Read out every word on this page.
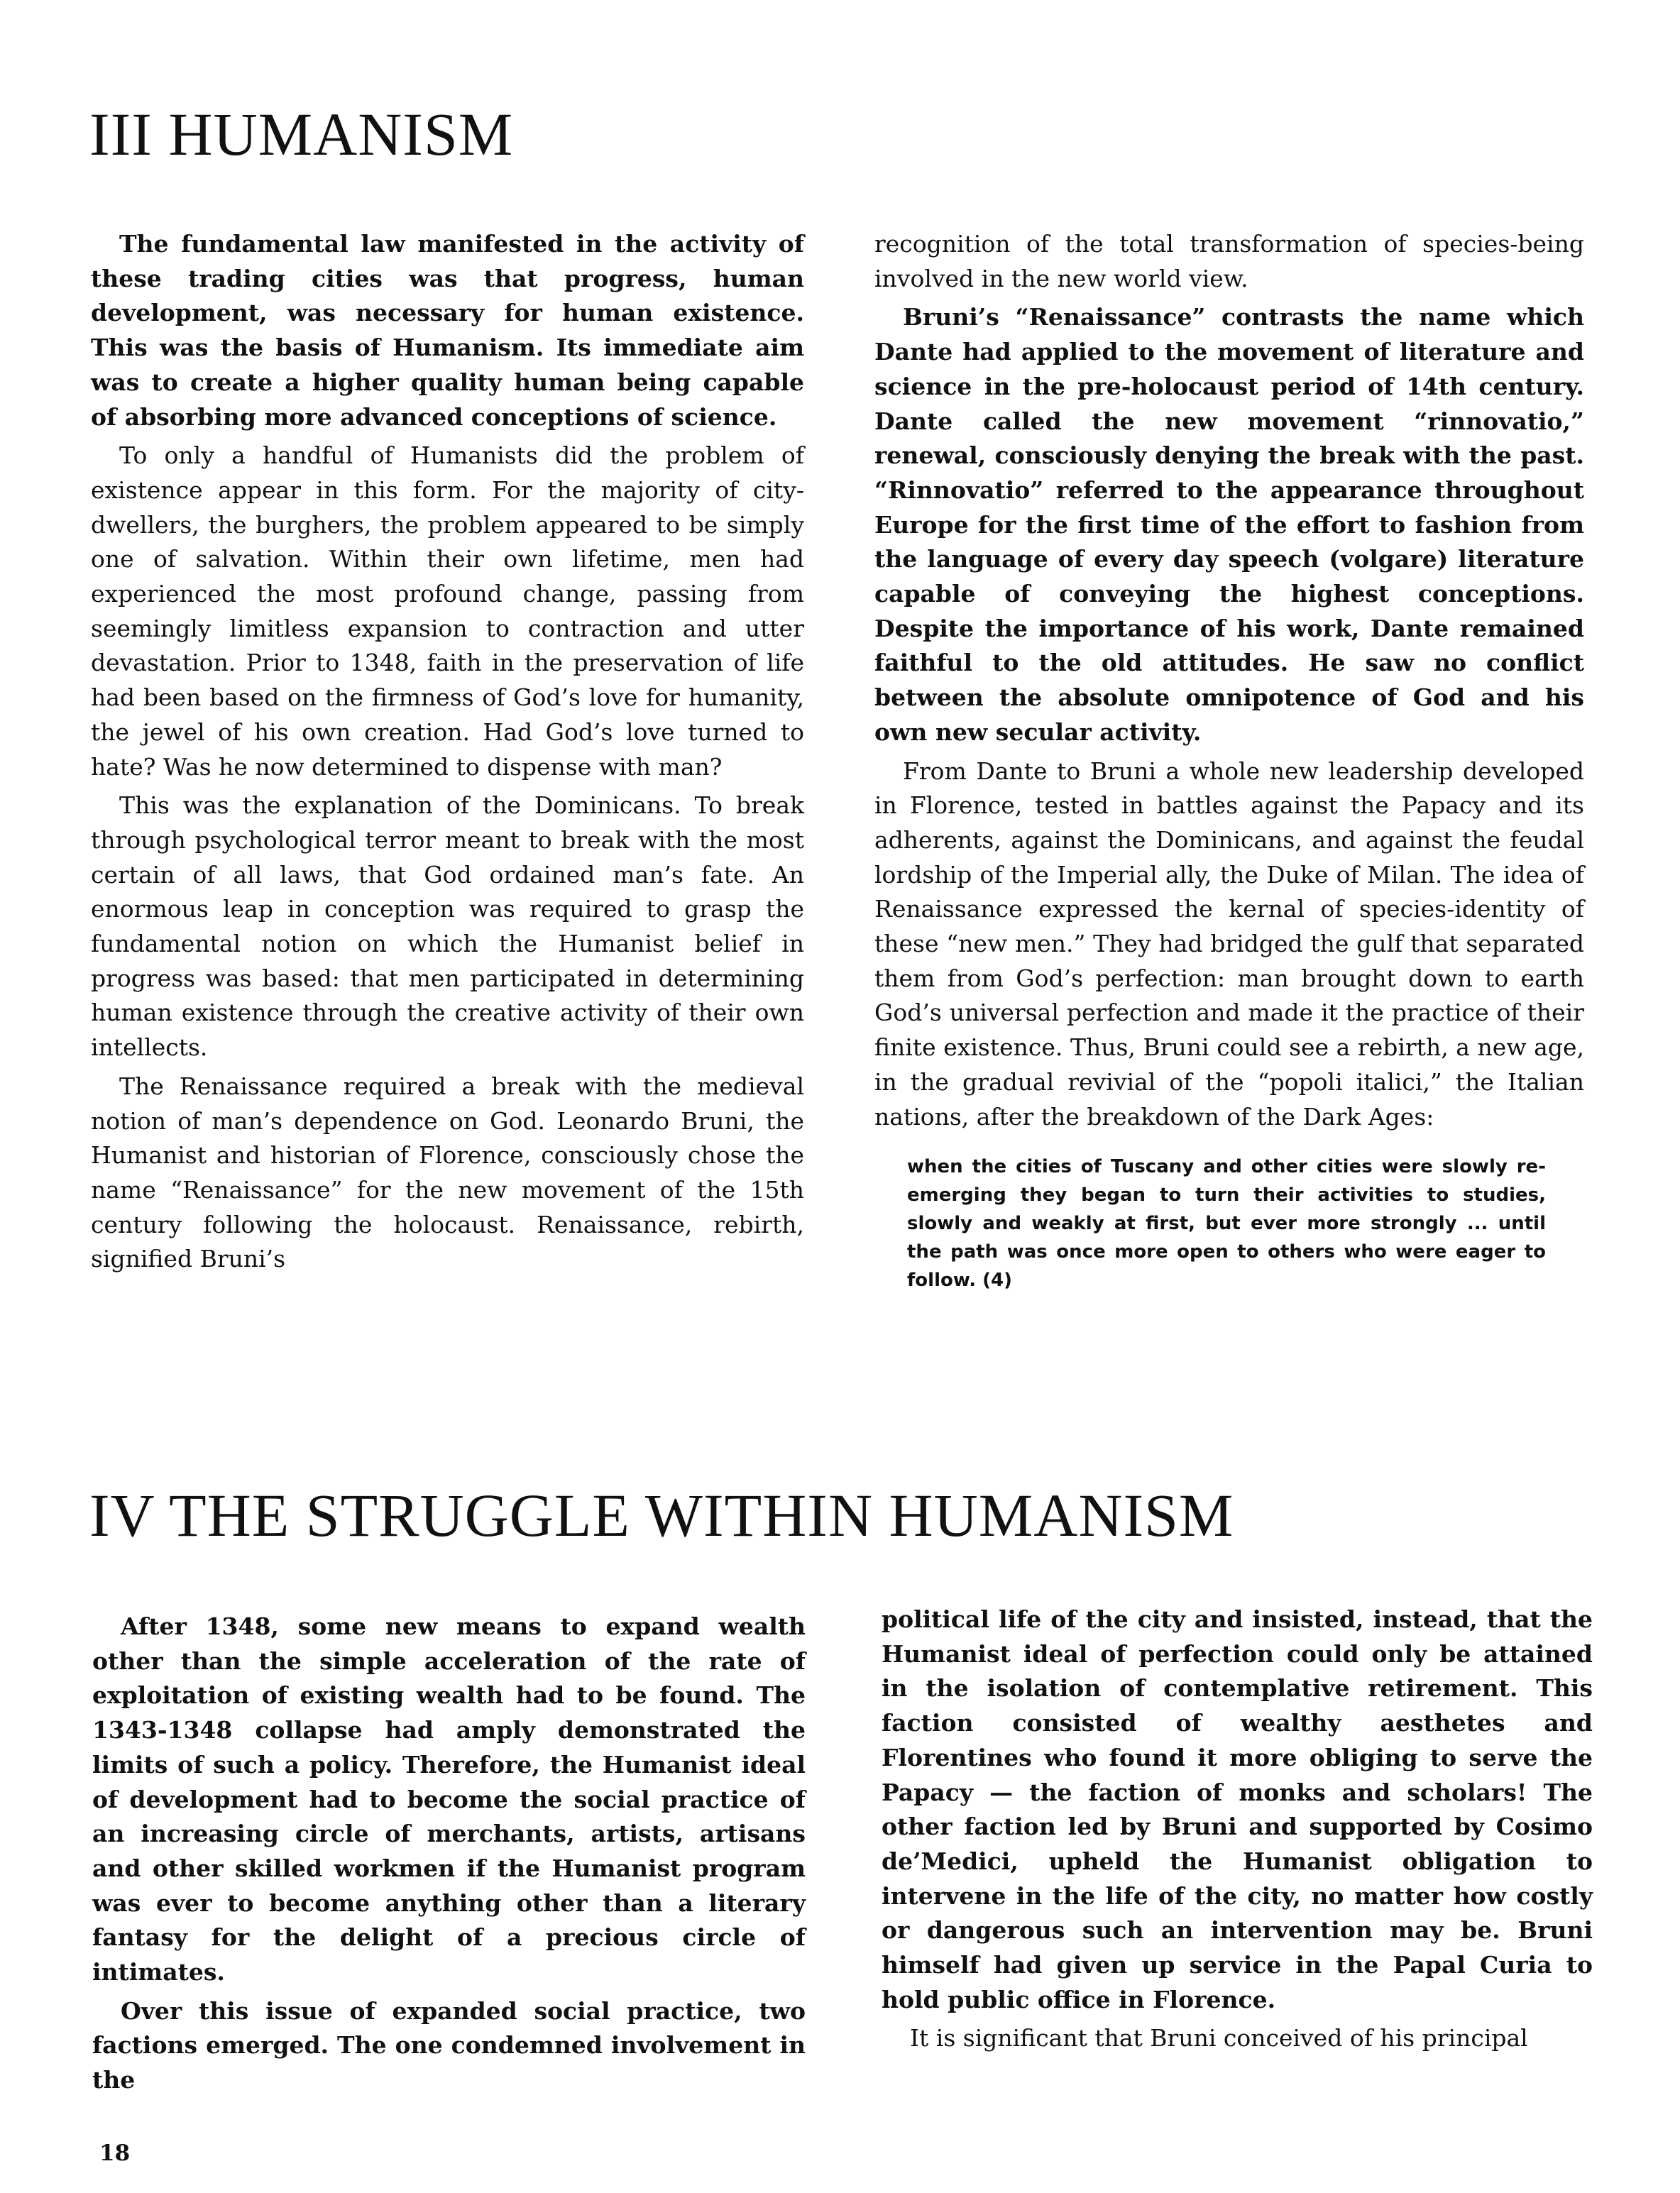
III HUMANISM

The fundamental law manifested in the activity of these trading cities was that progress, human development, was necessary for human existence. This was the basis of Humanism. Its immediate aim was to create a higher quality human being capable of absorbing more advanced conceptions of science.

To only a handful of Humanists did the problem of existence appear in this form. For the majority of city-dwellers, the burghers, the problem appeared to be simply one of salvation. Within their own lifetime, men had experienced the most profound change, passing from seemingly limitless expansion to contraction and utter devastation. Prior to 1348, faith in the preservation of life had been based on the firmness of God’s love for humanity, the jewel of his own creation. Had God’s love turned to hate? Was he now determined to dispense with man?

This was the explanation of the Dominicans. To break through psychological terror meant to break with the most certain of all laws, that God ordained man’s fate. An enormous leap in conception was required to grasp the fundamental notion on which the Humanist belief in progress was based: that men participated in determining human existence through the creative activity of their own intellects.

The Renaissance required a break with the medieval notion of man’s dependence on God. Leonardo Bruni, the Humanist and historian of Florence, consciously chose the name “Renaissance” for the new movement of the 15th century following the holocaust. Renaissance, rebirth, signified Bruni’s

recognition of the total transformation of species-being involved in the new world view.

Bruni’s “Renaissance” contrasts the name which Dante had applied to the movement of literature and science in the pre-holocaust period of 14th century. Dante called the new movement “rinnovatio,” renewal, consciously denying the break with the past. “Rinnovatio” referred to the appearance throughout Europe for the first time of the effort to fashion from the language of every day speech (volgare) literature capable of conveying the highest conceptions. Despite the importance of his work, Dante remained faithful to the old attitudes. He saw no conflict between the absolute omnipotence of God and his own new secular activity.

From Dante to Bruni a whole new leadership developed in Florence, tested in battles against the Papacy and its adherents, against the Dominicans, and against the feudal lordship of the Imperial ally, the Duke of Milan. The idea of Renaissance expressed the kernal of species-identity of these “new men.” They had bridged the gulf that separated them from God’s perfection: man brought down to earth God’s universal perfection and made it the practice of their finite existence. Thus, Bruni could see a rebirth, a new age, in the gradual revivial of the “popoli italici,” the Italian nations, after the breakdown of the Dark Ages:

when the cities of Tuscany and other cities were slowly re-emerging they began to turn their activities to studies, slowly and weakly at first, but ever more strongly ... until the path was once more open to others who were eager to follow. (4)
IV THE STRUGGLE WITHIN HUMANISM

After 1348, some new means to expand wealth other than the simple acceleration of the rate of exploitation of existing wealth had to be found. The 1343-1348 collapse had amply demonstrated the limits of such a policy. Therefore, the Humanist ideal of development had to become the social practice of an increasing circle of merchants, artists, artisans and other skilled workmen if the Humanist program was ever to become anything other than a literary fantasy for the delight of a precious circle of intimates.

Over this issue of expanded social practice, two factions emerged. The one condemned involvement in the

political life of the city and insisted, instead, that the Humanist ideal of perfection could only be attained in the isolation of contemplative retirement. This faction consisted of wealthy aesthetes and Florentines who found it more obliging to serve the Papacy — the faction of monks and scholars! The other faction led by Bruni and supported by Cosimo de’Medici, upheld the Humanist obligation to intervene in the life of the city, no matter how costly or dangerous such an intervention may be. Bruni himself had given up service in the Papal Curia to hold public office in Florence.

It is significant that Bruni conceived of his principal

18
